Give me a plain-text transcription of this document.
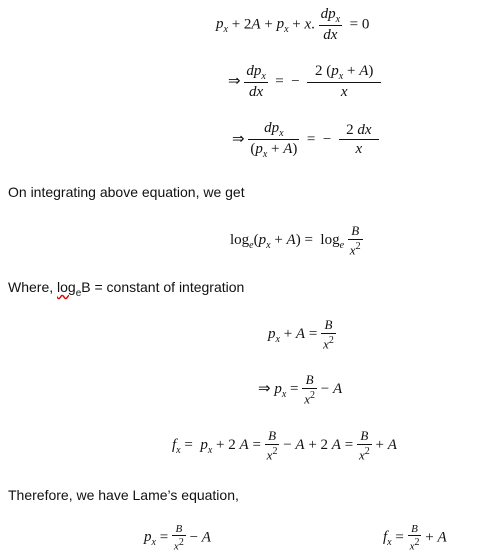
$p_x + 2A + p_x + x$. $\frac{dp_x}{dx} = 0$
⇒ $\frac{dp_x}{dx}$ =  − $\frac{2 (p_x + A)}{x}$
⇒ $\frac{dp_x}{(p_x + A)}$ =  − $\frac{2 dx}{x}$
On integrating above equation, we get
$\log_e(p_x + A) = \log_e \frac{B}{x^2}$
Where, $\log_eB$ = constant of integration
$p_x + A = \frac{B}{x^2}$
⇒ $p_x = \frac{B}{x^2} - A$
$f_x = p_x + 2$ $A = \frac{B}{x^2} - A + 2$ $A = \frac{B}{x^2} + A$
Therefore, we have Lame’s equation,
$p_x = \frac{B}{x^2} - A$	$f_x = \frac{B}{x^2} + A$
